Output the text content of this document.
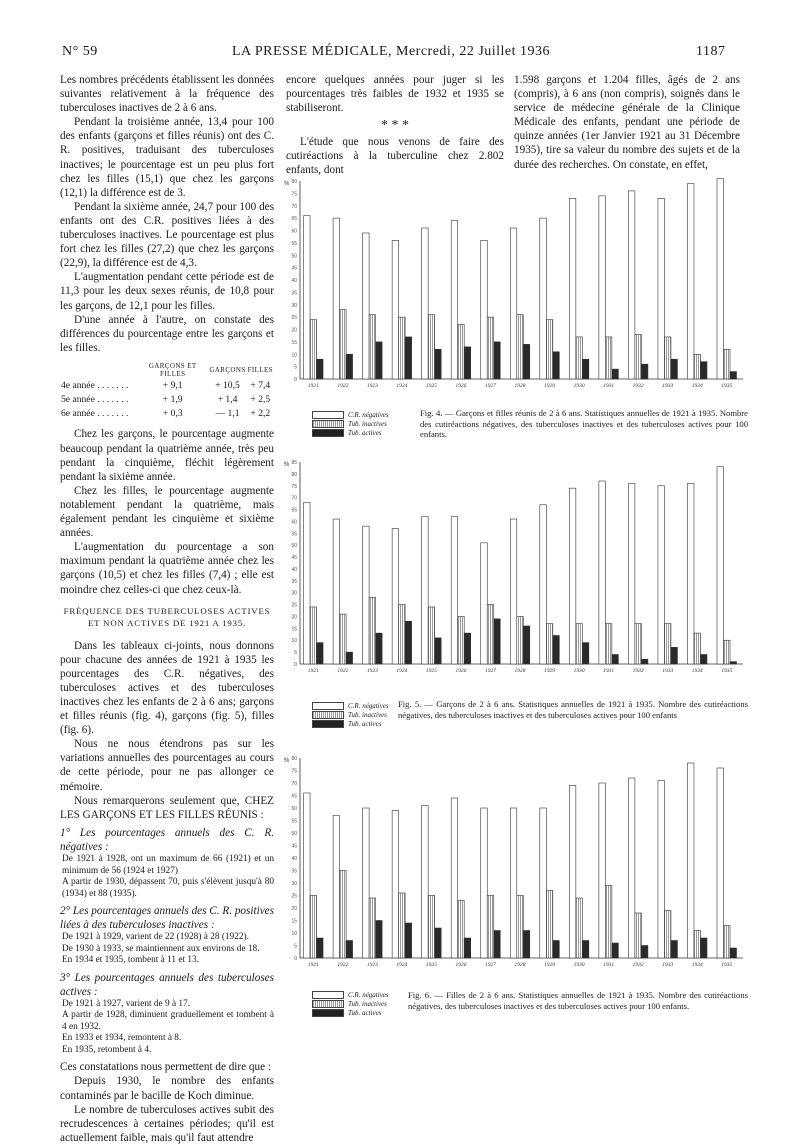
N° 59	LA PRESSE MÉDICALE, Mercredi, 22 Juillet 1936	1187

Les nombres précédents établissent les données suivantes relativement à la fréquence des tuberculoses inactives de 2 à 6 ans.

Pendant la troisième année, 13,4 pour 100 des enfants (garçons et filles réunis) ont des C. R. positives, traduisant des tuberculoses inactives; le pourcentage est un peu plus fort chez les filles (15,1) que chez les garçons (12,1) la différence est de 3.

Pendant la sixième année, 24,7 pour 100 des enfants ont des C.R. positives liées à des tuberculoses inactives. Le pourcentage est plus fort chez les filles (27,2) que chez les garçons (22,9), la différence est de 4,3.

L'augmentation pendant cette période est de 11,3 pour les deux sexes réunis, de 10,8 pour les garçons, de 12,1 pour les filles.

D'une année à l'autre, on constate des différences du pourcentage entre les garçons et les filles.

	GARÇONS ET FILLES	GARÇONS	FILLES
4e année . . . . . . .	+ 9,1	+ 10,5	+ 7,4
5e année . . . . . . .	+ 1,9	+ 1,4	+ 2,5
6e année . . . . . . .	+ 0,3	— 1,1	+ 2,2

Chez les garçons, le pourcentage augmente beaucoup pendant la quatrième année, très peu pendant la cinquième, fléchit légèrement pendant la sixième année.

Chez les filles, le pourcentage augmente notablement pendant la quatrième, mais également pendant les cinquième et sixième années.

L'augmentation du pourcentage a son maximum pendant la quatrième année chez les garçons (10,5) et chez les filles (7,4) ; elle est moindre chez celles-ci que chez ceux-là.

FRÉQUENCE DES TUBERCULOSES ACTIVES ET NON ACTIVES DE 1921 A 1935.

Dans les tableaux ci-joints, nous donnons pour chacune des années de 1921 à 1935 les pourcentages des C.R. négatives, des tuberculoses actives et des tuberculoses inactives chez les enfants de 2 à 6 ans; garçons et filles réunis (fig. 4), garçons (fig. 5), filles (fig. 6).

Nous ne nous étendrons pas sur les variations annuelles des pourcentages au cours de cette période, pour ne pas allonger ce mémoire.

Nous remarquerons seulement que, CHEZ LES GARÇONS ET LES FILLES RÉUNIS :

1° Les pourcentages annuels des C. R. négatives :

De 1921 à 1928, ont un maximum de 66 (1921) et un minimum de 56 (1924 et 1927)

A partir de 1930, dépassent 70, puis s'élèvent jusqu'à 80 (1934) et 88 (1935).

2° Les pourcentages annuels des C. R. positives liées à des tuberculoses inactives :

De 1921 à 1929, varient de 22 (1928) à 28 (1922).

De 1930 à 1933, se maintiennent aux environs de 18.

En 1934 et 1935, tombent à 11 et 13.

3° Les pourcentages annuels des tuberculoses actives :

De 1921 à 1927, varient de 9 à 17.

A partir de 1928, diminuent graduellement et tombent à 4 en 1932.

En 1933 et 1934, remontent à 8.

En 1935, retombent à 4.

Ces constatations nous permettent de dire que :

Depuis 1930, le nombre des enfants contaminés par le bacille de Koch diminue.

Le nombre de tuberculoses actives subit des recrudescences à certaines périodes; qu'il est actuellement faible, mais qu'il faut attendre

encore quelques années pour juger si les pourcentages très faibles de 1932 et 1935 se stabiliseront.

* * *

L'étude que nous venons de faire des cutiréactions à la tuberculine chez 2.802 enfants, dont

1.598 garçons et 1.204 filles, âgés de 2 ans (compris), à 6 ans (non compris), soignés dans le service de médecine générale de la Clinique Médicale des enfants, pendant une période de quinze années (1er Janvier 1921 au 31 Décembre 1935), tire sa valeur du nombre des sujets et de la durée des recherches. On constate, en effet,

%
0
5
10
15
20
25
30
35
40
45
50
55
60
65
70
75
80
1921	1922	1923	1924	1925	1926	1927	1928	1929	1930	1931	1932	1933	1934	1935
C.R. négatives
Tub. inactives
Tub. actives
Fig. 4. — Garçons et filles réunis de 2 à 6 ans. Statistiques annuelles de 1921 à 1935. Nombre des cutiréactions négatives, des tuberculoses inactives et des tuberculoses actives pour 100 enfants.
%
0
5
10
15
20
25
30
35
40
45
50
55
60
65
70
75
80
85
1921	1922	1923	1924	1925	1926	1927	1928	1929	1930	1931	1932	1933	1934	1935
C.R. négatives
Tub. inactives
Tub. actives
Fig. 5. — Garçons de 2 à 6 ans. Statistiques annuelles de 1921 à 1935. Nombre des cutiréactions négatives, des tuberculoses inactives et des tuberculoses actives pour 100 enfants
%
0
5
10
15
20
25
30
35
40
45
50
55
60
65
70
75
80
1921	1922	1923	1924	1925	1926	1927	1928	1929	1930	1931	1932	1933	1934	1935
C.R. négatives
Tub. inactives
Tub. actives
Fig. 6. — Filles de 2 à 6 ans. Statistiques annuelles de 1921 à 1935. Nombre des cutiréactions négatives, des tuberculoses inactives et des tuberculoses actives pour 100 enfants.
